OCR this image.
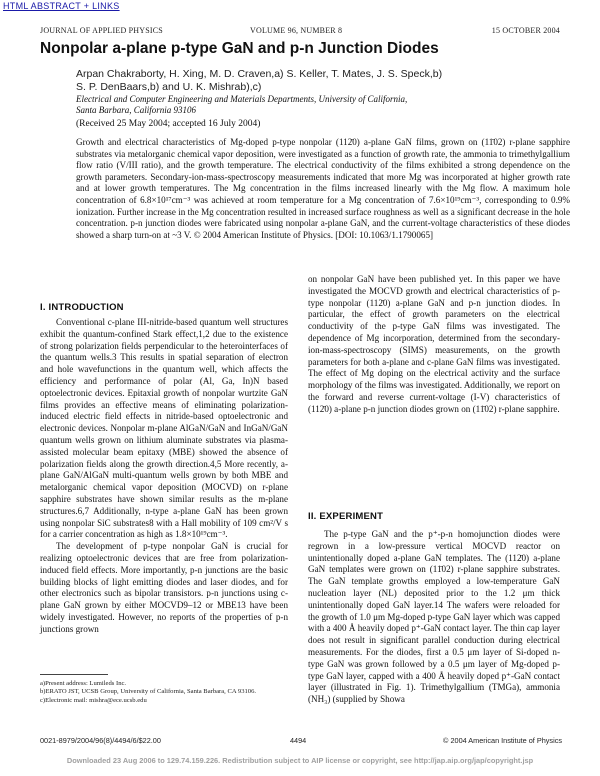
HTML ABSTRACT + LINKS
JOURNAL OF APPLIED PHYSICS	VOLUME 96, NUMBER 8	15 OCTOBER 2004
Nonpolar a-plane p-type GaN and p-n Junction Diodes
Arpan Chakraborty, H. Xing, M. D. Craven,a) S. Keller, T. Mates, J. S. Speck,b)
S. P. DenBaars,b) and U. K. Mishrab),c)
Electrical and Computer Engineering and Materials Departments, University of California,
Santa Barbara, California 93106
(Received 25 May 2004; accepted 16 July 2004)
Growth and electrical characteristics of Mg-doped p-type nonpolar (112̄0) a-plane GaN films, grown on (11̄02) r-plane sapphire substrates via metalorganic chemical vapor deposition, were investigated as a function of growth rate, the ammonia to trimethylgallium flow ratio (V/III ratio), and the growth temperature. The electrical conductivity of the films exhibited a strong dependence on the growth parameters. Secondary-ion-mass-spectroscopy measurements indicated that more Mg was incorporated at higher growth rate and at lower growth temperatures. The Mg concentration in the films increased linearly with the Mg flow. A maximum hole concentration of 6.8×10¹⁷cm⁻³ was achieved at room temperature for a Mg concentration of 7.6×10¹⁹cm⁻³, corresponding to 0.9% ionization. Further increase in the Mg concentration resulted in increased surface roughness as well as a significant decrease in the hole concentration. p-n junction diodes were fabricated using nonpolar a-plane GaN, and the current-voltage characteristics of these diodes showed a sharp turn-on at ~3 V. © 2004 American Institute of Physics. [DOI: 10.1063/1.1790065]
I. INTRODUCTION

Conventional c-plane III-nitride-based quantum well structures exhibit the quantum-confined Stark effect,1,2 due to the existence of strong polarization fields perpendicular to the heterointerfaces of the quantum wells.3 This results in spatial separation of electron and hole wavefunctions in the quantum well, which affects the efficiency and performance of polar (Al, Ga, In)N based optoelectronic devices. Epitaxial growth of nonpolar wurtzite GaN films provides an effective means of eliminating polarization-induced electric field effects in nitride-based optoelectronic and electronic devices. Nonpolar m-plane AlGaN/GaN and InGaN/GaN quantum wells grown on lithium aluminate substrates via plasma-assisted molecular beam epitaxy (MBE) showed the absence of polarization fields along the growth direction.4,5 More recently, a-plane GaN/AlGaN multi-quantum wells grown by both MBE and metalorganic chemical vapor deposition (MOCVD) on r-plane sapphire substrates have shown similar results as the m-plane structures.6,7 Additionally, n-type a-plane GaN has been grown using nonpolar SiC substrates8 with a Hall mobility of 109 cm²/V s for a carrier concentration as high as 1.8×10¹⁹cm⁻³.

The development of p-type nonpolar GaN is crucial for realizing optoelectronic devices that are free from polarization-induced field effects. More importantly, p-n junctions are the basic building blocks of light emitting diodes and laser diodes, and for other electronics such as bipolar transistors. p-n junctions using c-plane GaN grown by either MOCVD9–12 or MBE13 have been widely investigated. However, no reports of the properties of p-n junctions grown

on nonpolar GaN have been published yet. In this paper we have investigated the MOCVD growth and electrical characteristics of p-type nonpolar (112̄0) a-plane GaN and p-n junction diodes. In particular, the effect of growth parameters on the electrical conductivity of the p-type GaN films was investigated. The dependence of Mg incorporation, determined from the secondary-ion-mass-spectroscopy (SIMS) measurements, on the growth parameters for both a-plane and c-plane GaN films was investigated. The effect of Mg doping on the electrical activity and the surface morphology of the films was investigated. Additionally, we report on the forward and reverse current-voltage (I-V) characteristics of (112̄0) a-plane p-n junction diodes grown on (11̄02) r-plane sapphire.

II. EXPERIMENT

The p-type GaN and the p⁺-p-n homojunction diodes were regrown in a low-pressure vertical MOCVD reactor on unintentionally doped a-plane GaN templates. The (112̄0) a-plane GaN templates were grown on (11̄02) r-plane sapphire substrates. The GaN template growths employed a low-temperature GaN nucleation layer (NL) deposited prior to the 1.2 μm thick unintentionally doped GaN layer.14 The wafers were reloaded for the growth of 1.0 μm Mg-doped p-type GaN layer which was capped with a 400 Å heavily doped p⁺-GaN contact layer. The thin cap layer does not result in significant parallel conduction during electrical measurements. For the diodes, first a 0.5 μm layer of Si-doped n-type GaN was grown followed by a 0.5 μm layer of Mg-doped p-type GaN layer, capped with a 400 Å heavily doped p⁺-GaN contact layer (illustrated in Fig. 1). Trimethylgallium (TMGa), ammonia (NH₃) (supplied by Showa

a)Present address: Lumileds Inc.
b)ERATO JST, UCSB Group, University of California, Santa Barbara, CA 93106.
c)Electronic mail: mishra@ece.ucsb.edu
0021-8979/2004/96(8)/4494/6/$22.00	4494	© 2004 American Institute of Physics
Downloaded 23 Aug 2006 to 129.74.159.226. Redistribution subject to AIP license or copyright, see http://jap.aip.org/jap/copyright.jsp
